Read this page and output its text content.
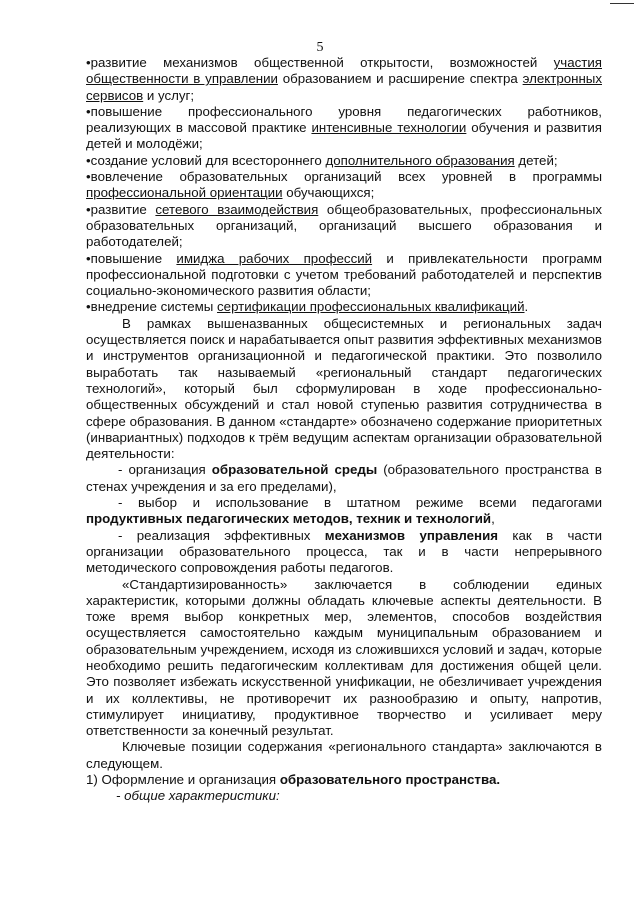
5

•развитие механизмов общественной открытости, возможностей участия общественности в управлении образованием и расширение спектра электронных сервисов и услуг;

•повышение профессионального уровня педагогических работников, реализующих в массовой практике интенсивные технологии обучения и развития детей и молодёжи;

•создание условий для всестороннего дополнительного образования детей;

•вовлечение образовательных организаций всех уровней в программы профессиональной ориентации обучающихся;

•развитие сетевого взаимодействия общеобразовательных, профессиональных образовательных организаций, организаций высшего образования и работодателей;

•повышение имиджа рабочих профессий и привлекательности программ профессиональной подготовки с учетом требований работодателей и перспектив социально-экономического развития области;

•внедрение системы сертификации профессиональных квалификаций.

В рамках вышеназванных общесистемных и региональных задач осуществляется поиск и нарабатывается опыт развития эффективных механизмов и инструментов организационной и педагогической практики. Это позволило выработать так называемый «региональный стандарт педагогических технологий», который был сформулирован в ходе профессионально-общественных обсуждений и стал новой ступенью развития сотрудничества в сфере образования. В данном «стандарте» обозначено содержание приоритетных (инвариантных) подходов к трём ведущим аспектам организации образовательной деятельности:

- организация образовательной среды (образовательного пространства в стенах учреждения и за его пределами),

- выбор и использование в штатном режиме всеми педагогами продуктивных педагогических методов, техник и технологий,

- реализация эффективных механизмов управления как в части организации образовательного процесса, так и в части непрерывного методического сопровождения работы педагогов.

«Стандартизированность» заключается в соблюдении единых характеристик, которыми должны обладать ключевые аспекты деятельности. В тоже время выбор конкретных мер, элементов, способов воздействия осуществляется самостоятельно каждым муниципальным образованием и образовательным учреждением, исходя из сложившихся условий и задач, которые необходимо решить педагогическим коллективам для достижения общей цели. Это позволяет избежать искусственной унификации, не обезличивает учреждения и их коллективы, не противоречит их разнообразию и опыту, напротив, стимулирует инициативу, продуктивное творчество и усиливает меру ответственности за конечный результат.

Ключевые позиции содержания «регионального стандарта» заключаются в следующем.

1) Оформление и организация образовательного пространства.

- общие характеристики:
